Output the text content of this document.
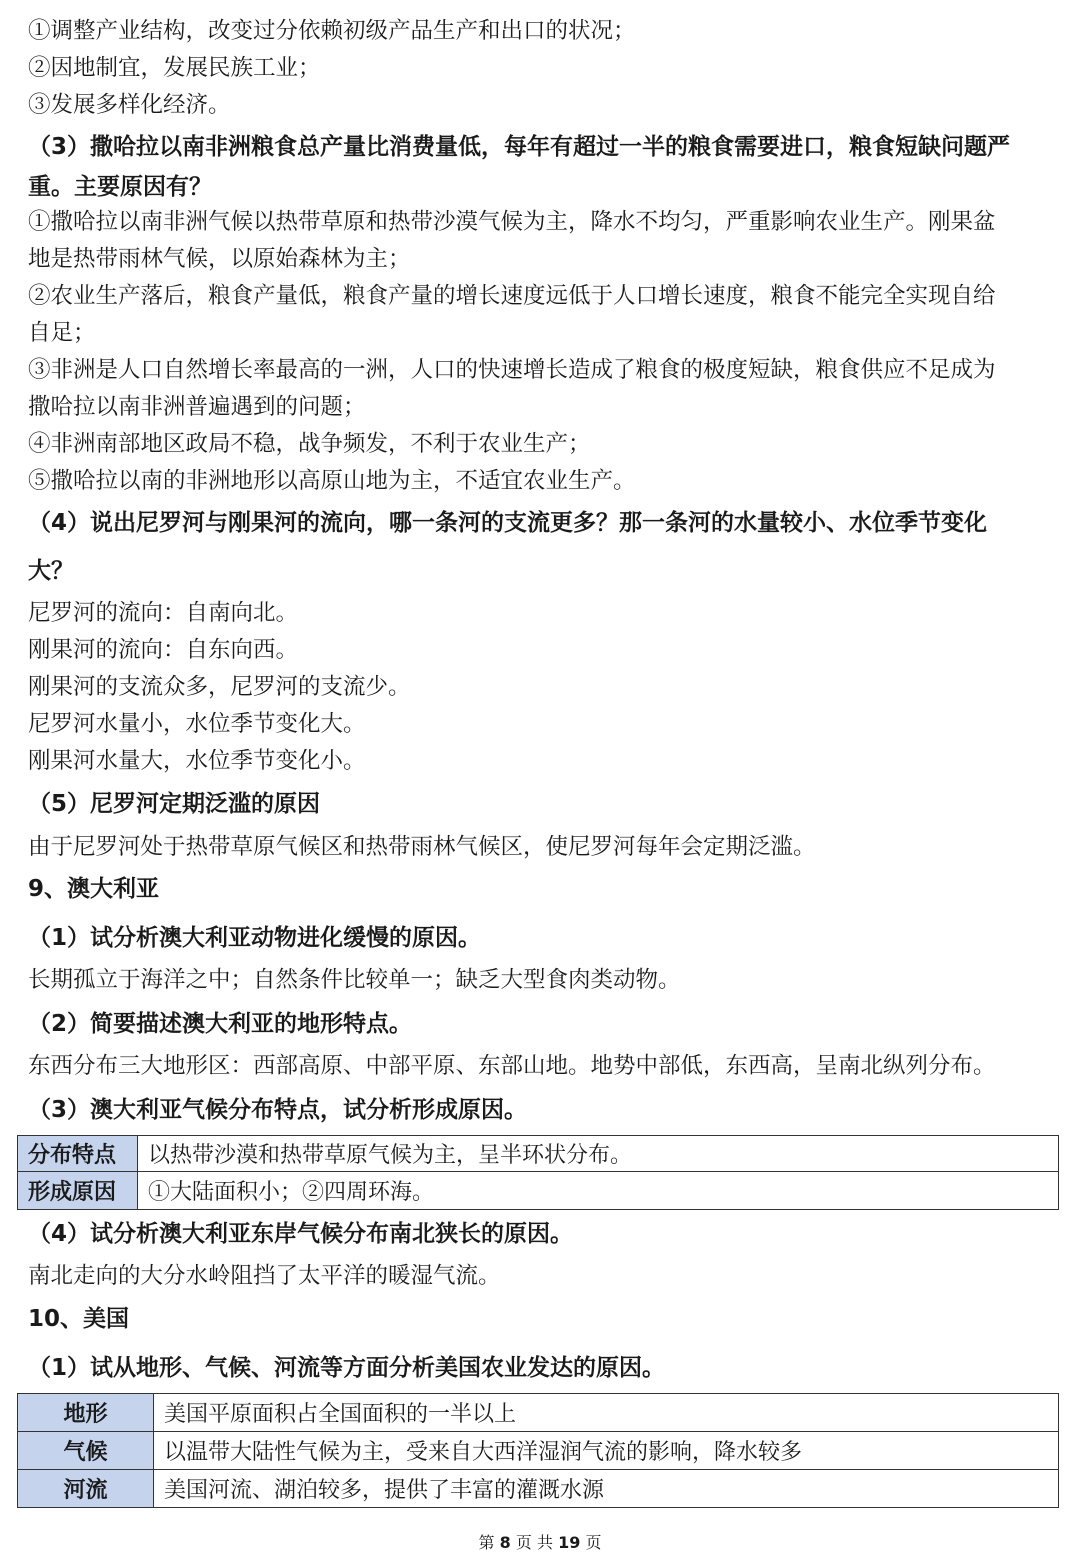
①调整产业结构，改变过分依赖初级产品生产和出口的状况；
②因地制宜，发展民族工业；
③发展多样化经济。
（3）撒哈拉以南非洲粮食总产量比消费量低，每年有超过一半的粮食需要进口，粮食短缺问题严
重。主要原因有？
①撒哈拉以南非洲气候以热带草原和热带沙漠气候为主，降水不均匀，严重影响农业生产。刚果盆
地是热带雨林气候，以原始森林为主；
②农业生产落后，粮食产量低，粮食产量的增长速度远低于人口增长速度，粮食不能完全实现自给
自足；
③非洲是人口自然增长率最高的一洲，人口的快速增长造成了粮食的极度短缺，粮食供应不足成为
撒哈拉以南非洲普遍遇到的问题；
④非洲南部地区政局不稳，战争频发，不利于农业生产；
⑤撒哈拉以南的非洲地形以高原山地为主，不适宜农业生产。
（4）说出尼罗河与刚果河的流向，哪一条河的支流更多？那一条河的水量较小、水位季节变化
大？
尼罗河的流向：自南向北。
刚果河的流向：自东向西。
刚果河的支流众多，尼罗河的支流少。
尼罗河水量小，水位季节变化大。
刚果河水量大，水位季节变化小。
（5）尼罗河定期泛滥的原因
由于尼罗河处于热带草原气候区和热带雨林气候区，使尼罗河每年会定期泛滥。
9、澳大利亚
（1）试分析澳大利亚动物进化缓慢的原因。
长期孤立于海洋之中；自然条件比较单一；缺乏大型食肉类动物。
（2）简要描述澳大利亚的地形特点。
东西分布三大地形区：西部高原、中部平原、东部山地。地势中部低，东西高，呈南北纵列分布。
（3）澳大利亚气候分布特点，试分析形成原因。
分布特点	以热带沙漠和热带草原气候为主，呈半环状分布。
形成原因	①大陆面积小；②四周环海。
（4）试分析澳大利亚东岸气候分布南北狭长的原因。
南北走向的大分水岭阻挡了太平洋的暖湿气流。
10、美国
（1）试从地形、气候、河流等方面分析美国农业发达的原因。
地形	美国平原面积占全国面积的一半以上
气候	以温带大陆性气候为主，受来自大西洋湿润气流的影响，降水较多
河流	美国河流、湖泊较多，提供了丰富的灌溉水源
第 8 页 共 19 页
